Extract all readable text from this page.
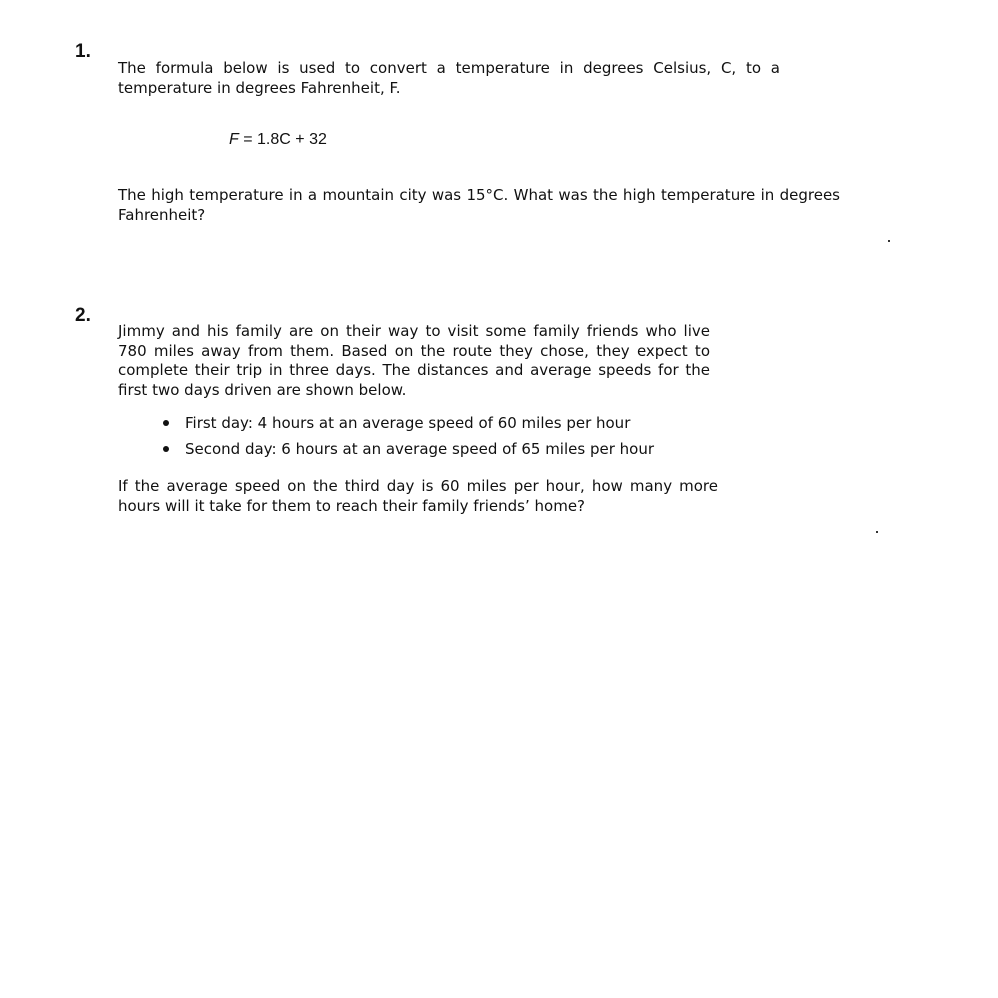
1.

The formula below is used to convert a temperature in degrees Celsius, C, to a temperature in degrees Fahrenheit, F.

F = 1.8C + 32

The high temperature in a mountain city was 15°C. What was the high temperature in degrees Fahrenheit?

2.

Jimmy and his family are on their way to visit some family friends who live 780 miles away from them. Based on the route they chose, they expect to complete their trip in three days. The distances and average speeds for the first two days driven are shown below.

First day: 4 hours at an average speed of 60 miles per hour
Second day: 6 hours at an average speed of 65 miles per hour

If the average speed on the third day is 60 miles per hour, how many more hours will it take for them to reach their family friends’ home?
